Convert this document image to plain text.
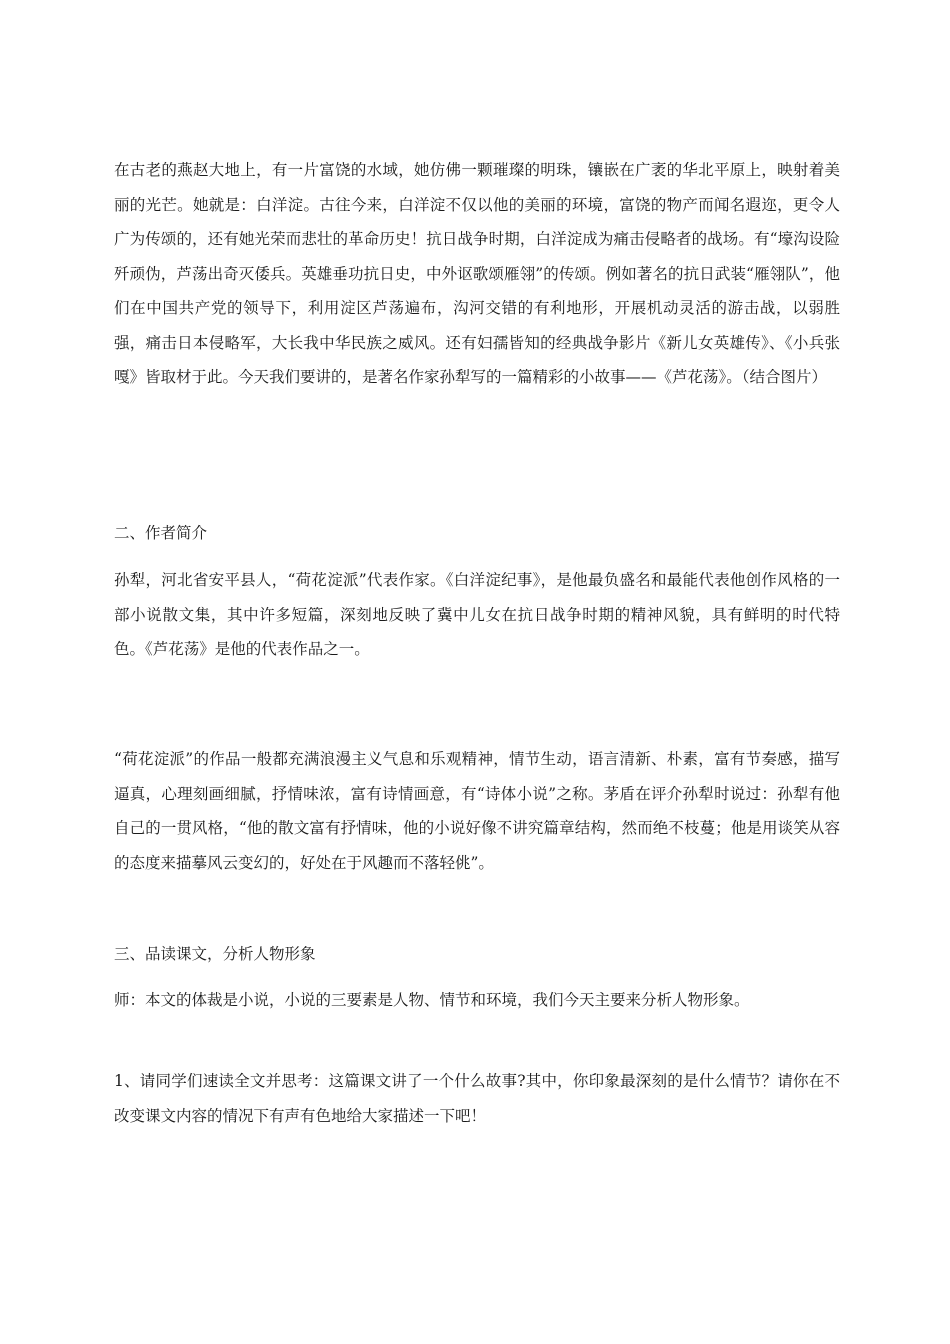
在古老的燕赵大地上，有一片富饶的水域，她仿佛一颗璀璨的明珠，镶嵌在广袤的华北平原上，映射着美丽的光芒。她就是：白洋淀。古往今来，白洋淀不仅以他的美丽的环境，富饶的物产而闻名遐迩，更令人广为传颂的，还有她光荣而悲壮的革命历史！抗日战争时期，白洋淀成为痛击侵略者的战场。有“壕沟设险歼顽伪，芦荡出奇灭倭兵。英雄垂功抗日史，中外讴歌颂雁翎”的传颂。例如著名的抗日武装“雁翎队”，他们在中国共产党的领导下，利用淀区芦荡遍布，沟河交错的有利地形，开展机动灵活的游击战，以弱胜强，痛击日本侵略军，大长我中华民族之威风。还有妇孺皆知的经典战争影片《新儿女英雄传》、《小兵张嘎》皆取材于此。今天我们要讲的，是著名作家孙犁写的一篇精彩的小故事——《芦花荡》。（结合图片）

二、作者简介

孙犁，河北省安平县人，“荷花淀派”代表作家。《白洋淀纪事》，是他最负盛名和最能代表他创作风格的一部小说散文集，其中许多短篇，深刻地反映了冀中儿女在抗日战争时期的精神风貌，具有鲜明的时代特色。《芦花荡》是他的代表作品之一。

“荷花淀派”的作品一般都充满浪漫主义气息和乐观精神，情节生动，语言清新、朴素，富有节奏感，描写逼真，心理刻画细腻，抒情味浓，富有诗情画意，有“诗体小说”之称。茅盾在评介孙犁时说过：孙犁有他自己的一贯风格，“他的散文富有抒情味，他的小说好像不讲究篇章结构，然而绝不枝蔓；他是用谈笑从容的态度来描摹风云变幻的，好处在于风趣而不落轻佻”。

三、品读课文，分析人物形象

师：本文的体裁是小说，小说的三要素是人物、情节和环境，我们今天主要来分析人物形象。

1、请同学们速读全文并思考：这篇课文讲了一个什么故事?其中，你印象最深刻的是什么情节？请你在不改变课文内容的情况下有声有色地给大家描述一下吧！
